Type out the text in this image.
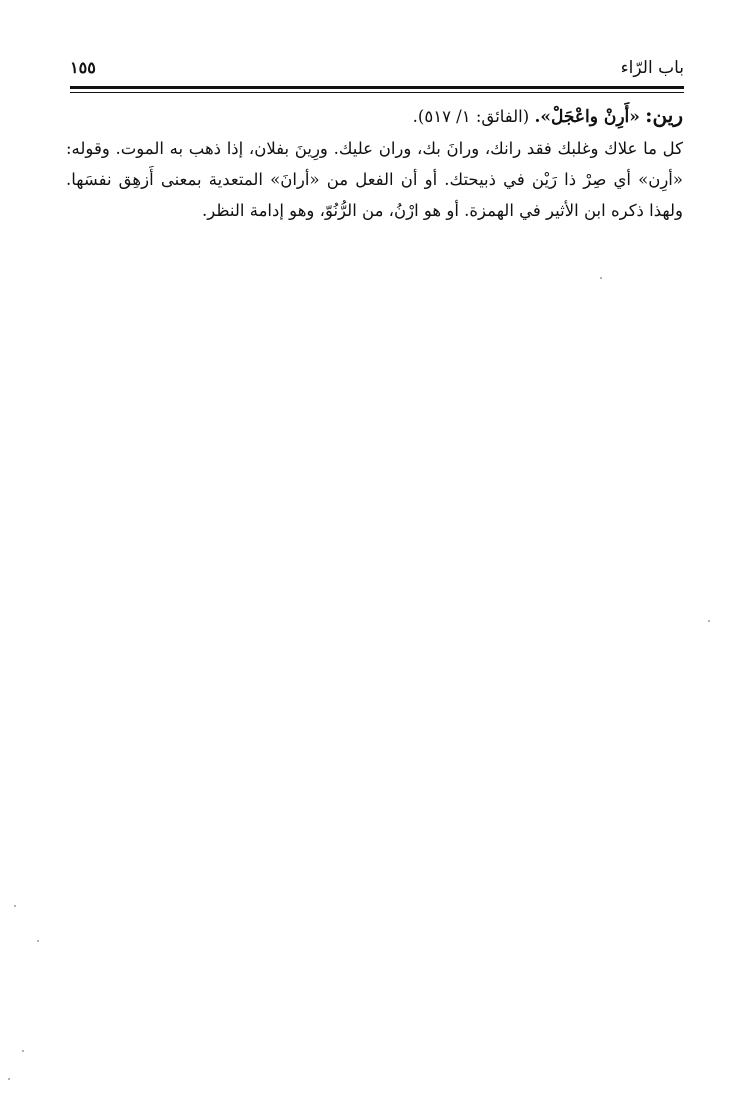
باب الرّاء
١٥٥
رين: «أَرِنْ واعْجَلْ». (الفائق: ١/ ٥١٧).

كل ما علاك وغلبك فقد رانك، ورانَ بك، وران عليك. ورِينَ بفلان، إذا ذهب به الموت. وقوله: «أرِن» أي صِرْ ذا رَيْن في ذبيحتك. أو أن الفعل من «أرانَ» المتعدية بمعنى أَزهِق نفسَها. ولهذا ذكره ابن الأثير في الهمزة. أو هو ارْنُ، من الرُّنُوّ، وهو إدامة النظر.
